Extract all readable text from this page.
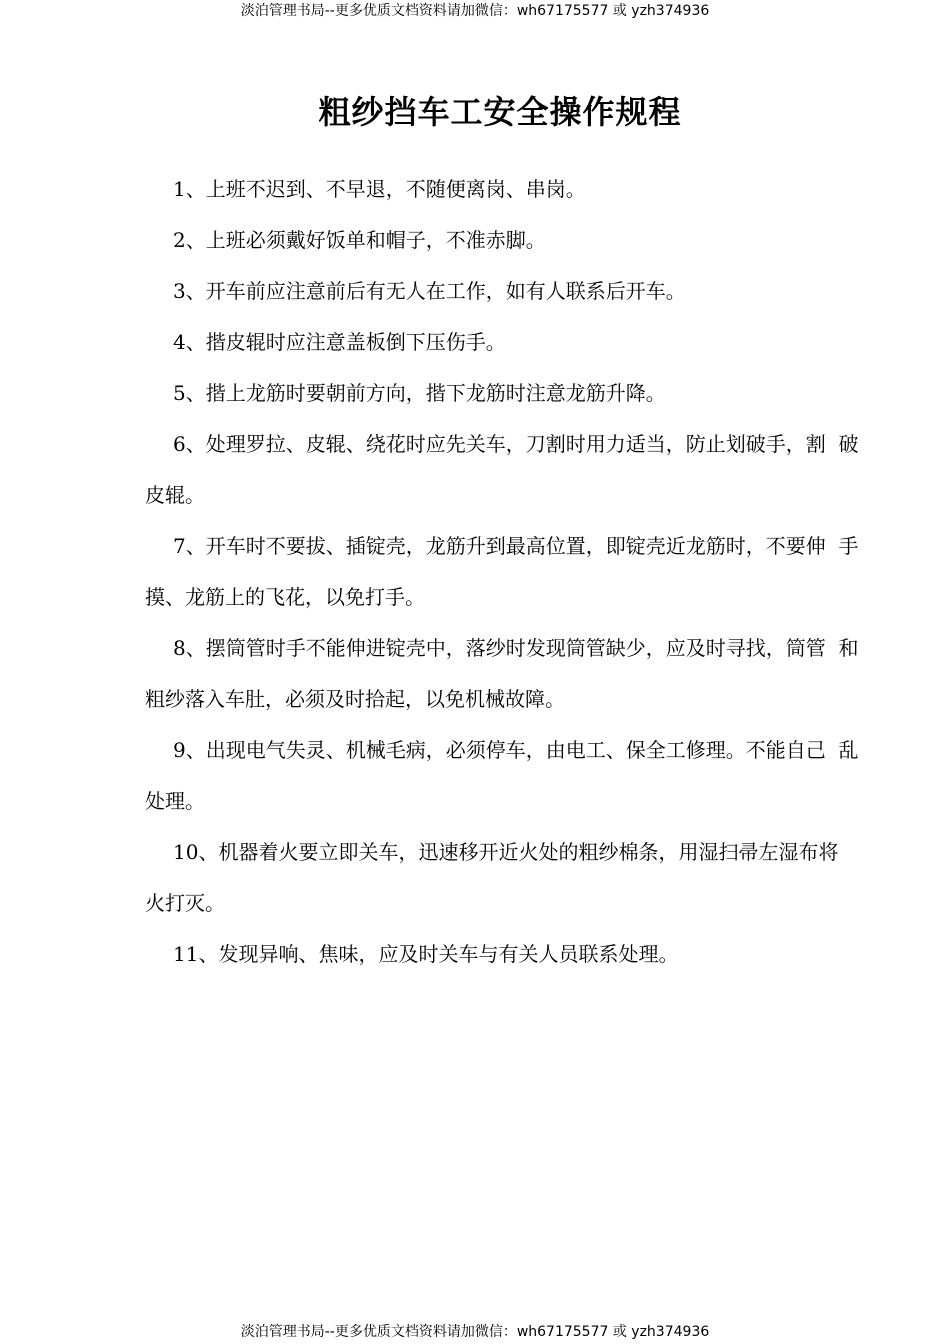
淡泊管理书局--更多优质文档资料请加微信：wh67175577 或 yzh374936
粗纱挡车工安全操作规程

1、上班不迟到、不早退，不随便离岗、串岗。

2、上班必须戴好饭单和帽子，不准赤脚。

3、开车前应注意前后有无人在工作，如有人联系后开车。

4、揩皮辊时应注意盖板倒下压伤手。

5、揩上龙筋时要朝前方向，揩下龙筋时注意龙筋升降。

6、处理罗拉、皮辊、绕花时应先关车，刀割时用力适当，防止划破手，割  破皮辊。

7、开车时不要拔、插锭壳，龙筋升到最高位置，即锭壳近龙筋时，不要伸  手摸、龙筋上的飞花，以免打手。

8、摆筒管时手不能伸进锭壳中，落纱时发现筒管缺少，应及时寻找，筒管  和粗纱落入车肚，必须及时拾起，以免机械故障。

9、出现电气失灵、机械毛病，必须停车，由电工、保全工修理。不能自己  乱处理。

10、机器着火要立即关车，迅速移开近火处的粗纱棉条，用湿扫帚左湿布将  火打灭。

11、发现异响、焦味，应及时关车与有关人员联系处理。

淡泊管理书局--更多优质文档资料请加微信：wh67175577 或 yzh374936
